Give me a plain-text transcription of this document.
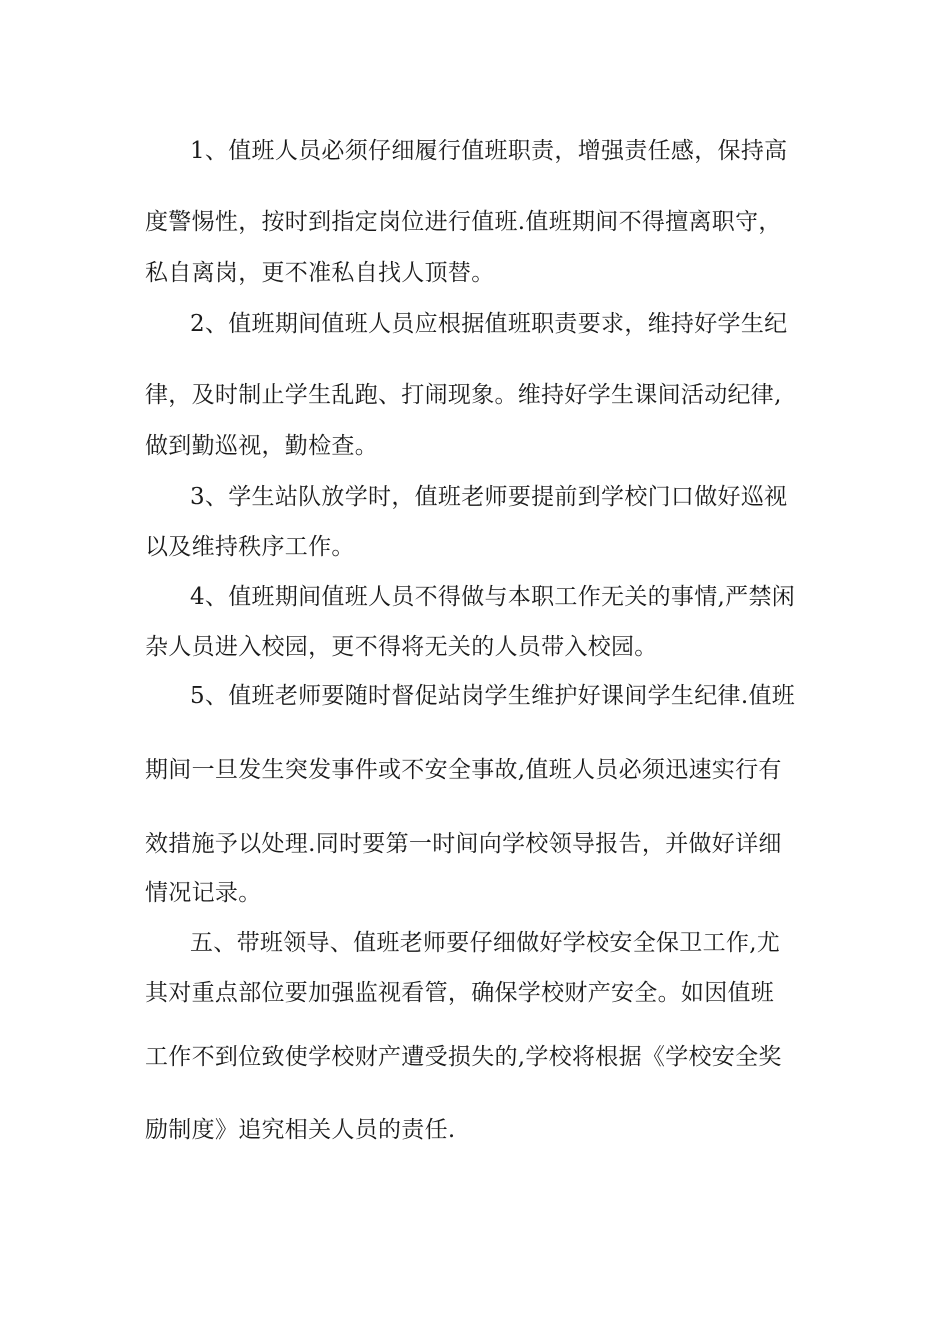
1、值班人员必须仔细履行值班职责，增强责任感，保持高
度警惕性，按时到指定岗位进行值班.值班期间不得擅离职守，
私自离岗，更不准私自找人顶替。
2、值班期间值班人员应根据值班职责要求，维持好学生纪
律，及时制止学生乱跑、打闹现象。维持好学生课间活动纪律,
做到勤巡视，勤检查。
3、学生站队放学时，值班老师要提前到学校门口做好巡视
以及维持秩序工作。
4、值班期间值班人员不得做与本职工作无关的事情,严禁闲
杂人员进入校园，更不得将无关的人员带入校园。
5、值班老师要随时督促站岗学生维护好课间学生纪律.值班
期间一旦发生突发事件或不安全事故,值班人员必须迅速实行有
效措施予以处理.同时要第一时间向学校领导报告，并做好详细
情况记录。
五、带班领导、值班老师要仔细做好学校安全保卫工作,尤
其对重点部位要加强监视看管，确保学校财产安全。如因值班
工作不到位致使学校财产遭受损失的,学校将根据《学校安全奖
励制度》追究相关人员的责任.
